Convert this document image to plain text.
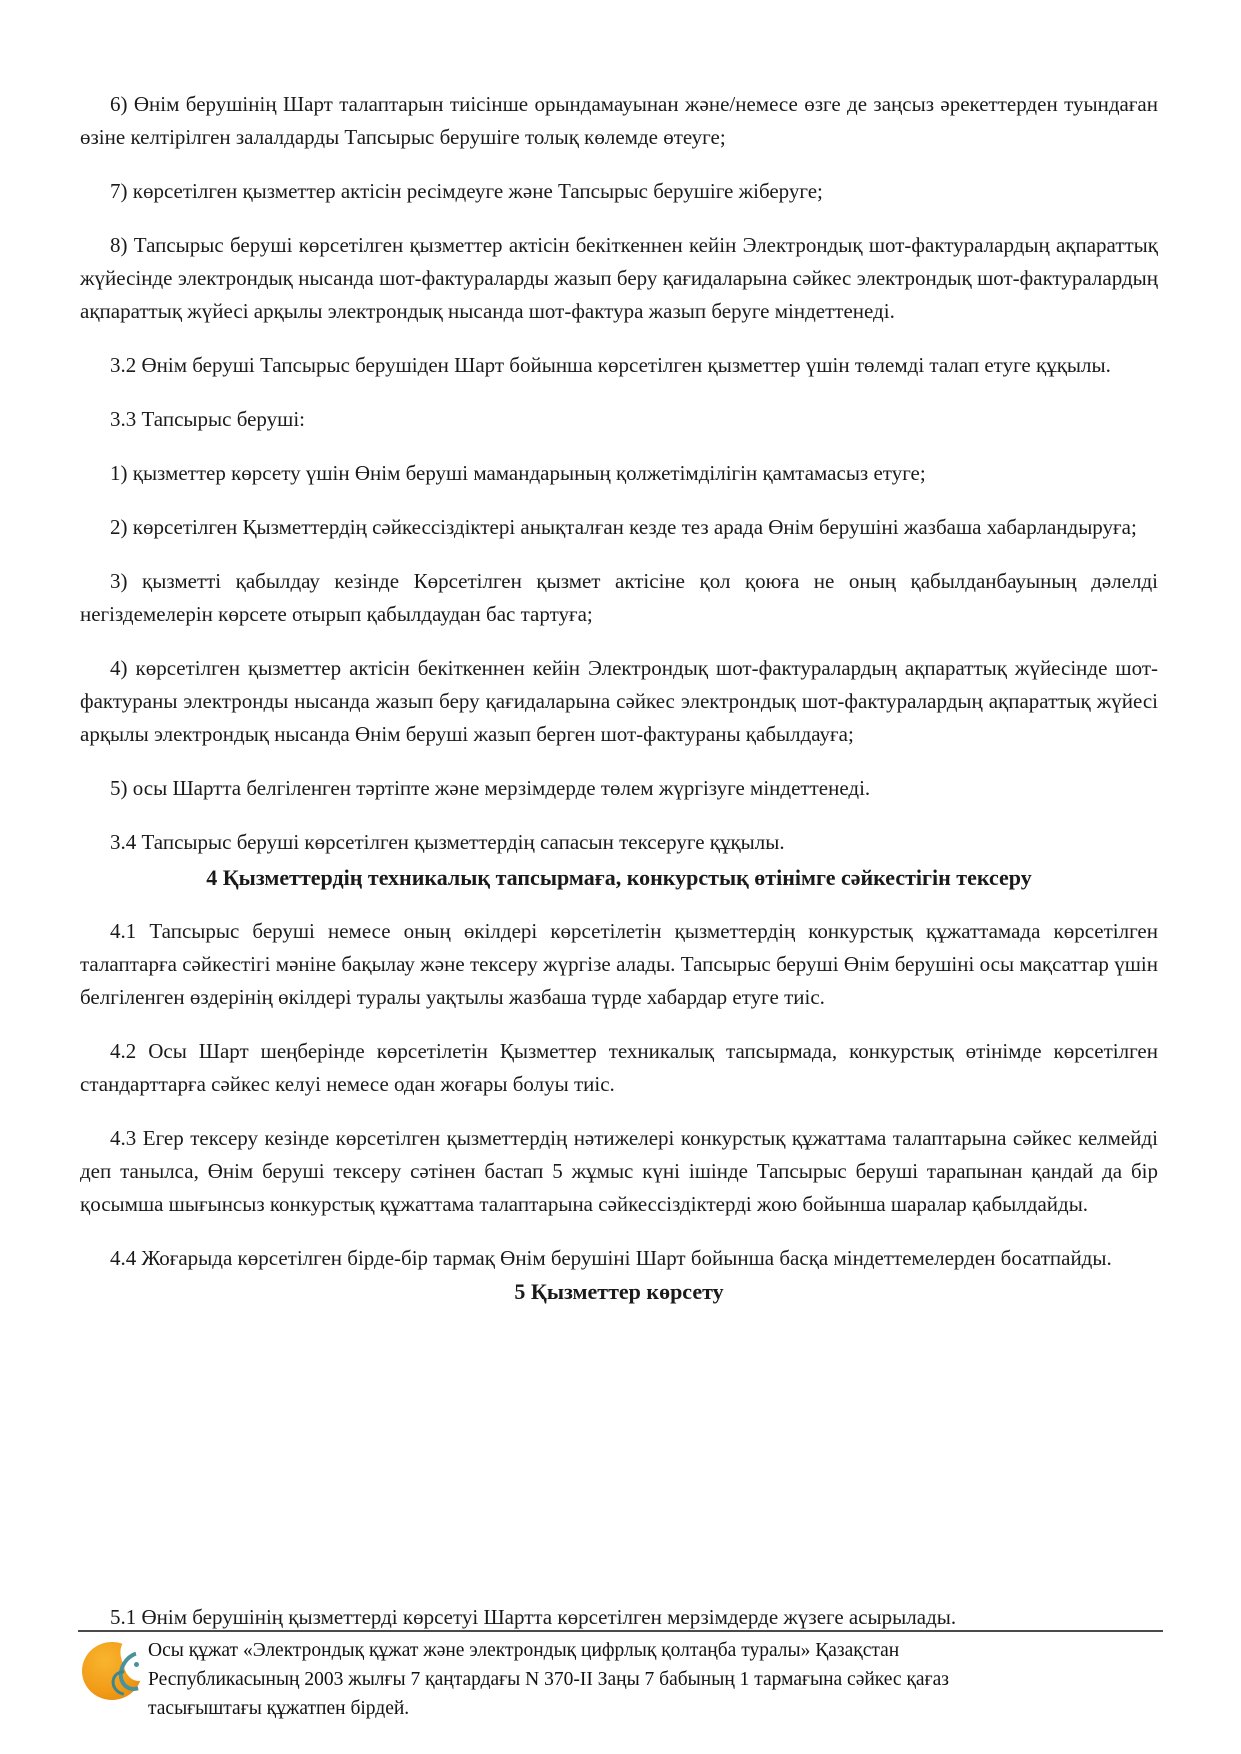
6) Өнім берушінің Шарт талаптарын тиісінше орындамауынан және/немесе өзге де заңсыз әрекеттерден туындаған өзіне келтірілген залалдарды Тапсырыс берушіге толық көлемде өтеуге;

7) көрсетілген қызметтер актісін ресімдеуге және Тапсырыс берушіге жіберуге;

8) Тапсырыс беруші көрсетілген қызметтер актісін бекіткеннен кейін Электрондық шот-фактуралардың ақпараттық жүйесінде электрондық нысанда шот-фактураларды жазып беру қағидаларына сәйкес электрондық шот-фактуралардың ақпараттық жүйесі арқылы электрондық нысанда шот-фактура жазып беруге міндеттенеді.

3.2 Өнім беруші Тапсырыс берушіден Шарт бойынша көрсетілген қызметтер үшін төлемді талап етуге құқылы.

3.3 Тапсырыс беруші:

1) қызметтер көрсету үшін Өнім беруші мамандарының қолжетімділігін қамтамасыз етуге;

2) көрсетілген Қызметтердің сәйкессіздіктері анықталған кезде тез арада Өнім берушіні жазбаша хабарландыруға;

3) қызметті қабылдау кезінде Көрсетілген қызмет актісіне қол қоюға не оның қабылданбауының дәлелді негіздемелерін көрсете отырып қабылдаудан бас тартуға;

4) көрсетілген қызметтер актісін бекіткеннен кейін Электрондық шот-фактуралардың ақпараттық жүйесінде шот-фактураны электронды нысанда жазып беру қағидаларына сәйкес электрондық шот-фактуралардың ақпараттық жүйесі арқылы электрондық нысанда Өнім беруші жазып берген шот-фактураны қабылдауға;

5) осы Шартта белгіленген тәртіпте және мерзімдерде төлем жүргізуге міндеттенеді.

3.4 Тапсырыс беруші көрсетілген қызметтердің сапасын тексеруге құқылы.

4 Қызметтердің техникалық тапсырмаға, конкурстық өтінімге сәйкестігін тексеру

4.1 Тапсырыс беруші немесе оның өкілдері көрсетілетін қызметтердің конкурстық құжаттамада көрсетілген талаптарға сәйкестігі мәніне бақылау және тексеру жүргізе алады. Тапсырыс беруші Өнім берушіні осы мақсаттар үшін белгіленген өздерінің өкілдері туралы уақтылы жазбаша түрде хабардар етуге тиіс.

4.2 Осы Шарт шеңберінде көрсетілетін Қызметтер техникалық тапсырмада, конкурстық өтінімде көрсетілген стандарттарға сәйкес келуі немесе одан жоғары болуы тиіс.

4.3 Егер тексеру кезінде көрсетілген қызметтердің нәтижелері конкурстық құжаттама талаптарына сәйкес келмейді деп танылса, Өнім беруші тексеру сәтінен бастап 5 жұмыс күні ішінде Тапсырыс беруші тарапынан қандай да бір қосымша шығынсыз конкурстық құжаттама талаптарына сәйкессіздіктерді жою бойынша шаралар қабылдайды.

4.4 Жоғарыда көрсетілген бірде-бір тармақ Өнім берушіні Шарт бойынша басқа міндеттемелерден босатпайды.

5 Қызметтер көрсету

5.1 Өнім берушінің қызметтерді көрсетуі Шартта көрсетілген мерзімдерде жүзеге асырылады.

Осы құжат «Электрондық құжат және электрондық цифрлық қолтаңба туралы» Қазақстан
Республикасының 2003 жылғы 7 қаңтардағы N 370-II Заңы 7 бабының 1 тармағына сәйкес қағаз
тасығыштағы құжатпен бірдей.
